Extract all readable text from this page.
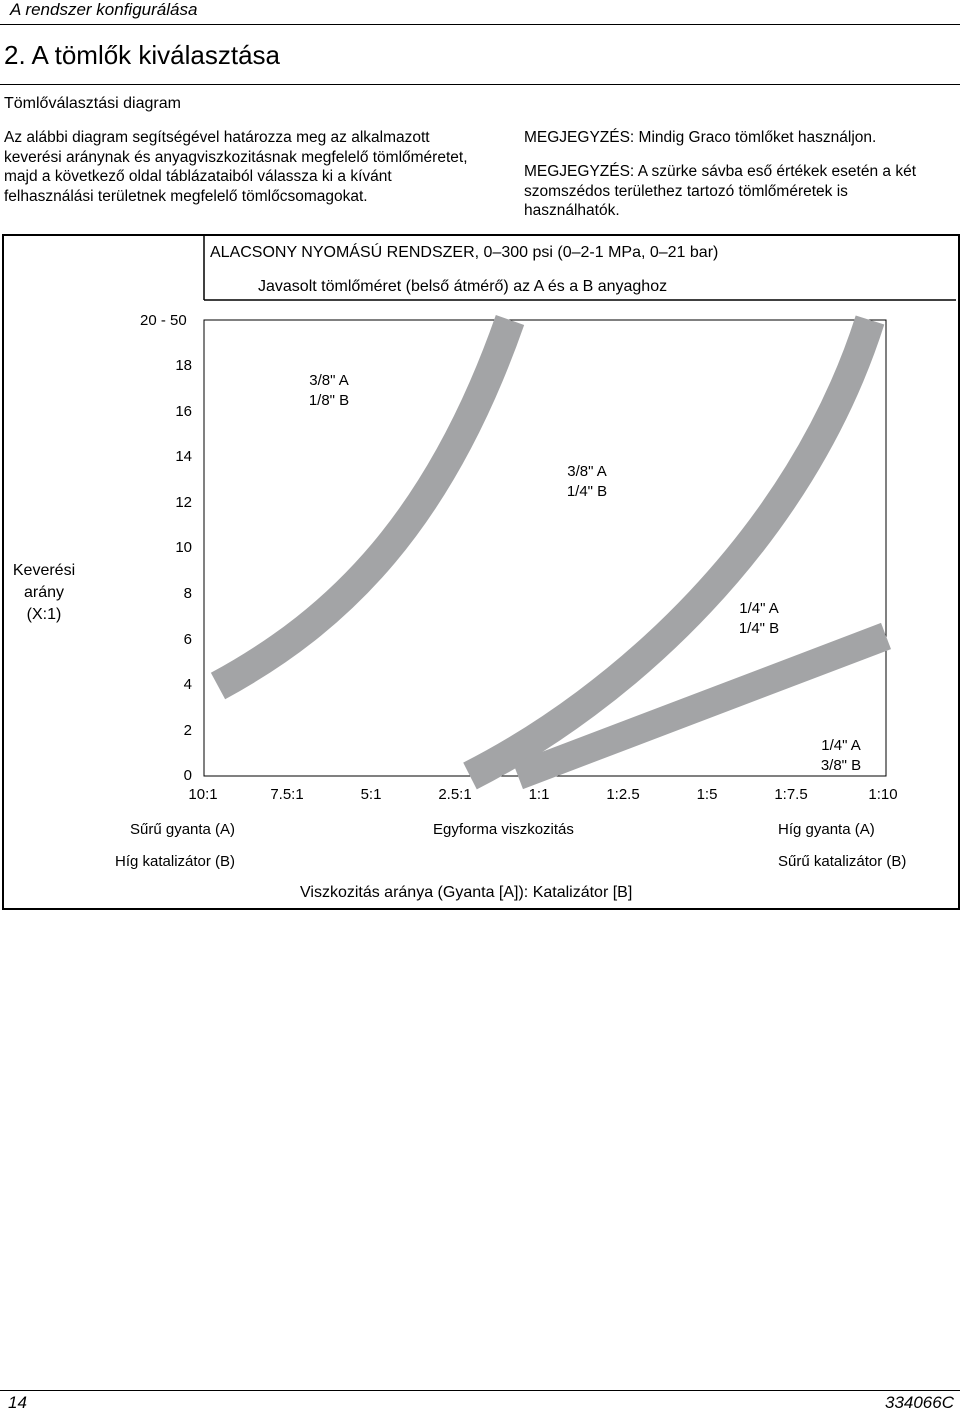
A rendszer konfigurálása
2. A tömlők kiválasztása
Tömlőválasztási diagram
Az alábbi diagram segítségével határozza meg az alkalmazott keverési aránynak és anyagviszkozitásnak megfelelő tömlőméretet, majd a következő oldal táblázataiból válassza ki a kívánt felhasználási területnek megfelelő tömlőcsomagokat.
MEGJEGYZÉS: Mindig Graco tömlőket használjon.
MEGJEGYZÉS: A szürke sávba eső értékek esetén a két szomszédos területhez tartozó tömlőméretek is használhatók.
ALACSONY NYOMÁSÚ RENDSZER, 0–300 psi (0–2-1 MPa, 0–21 bar)
Javasolt tömlőméret (belső átmérő) az A és a B anyaghoz
20 - 50
18
16
14
12
10
8
6
4
2
0
Keverési arány (X:1)
10:1	7.5:1	5:1	2.5:1	1:1	1:2.5	1:5	1:7.5	1:10
Sűrű gyanta (A)
Híg katalizátor (B)
Egyforma viszkozitás	Híg gyanta (A)
Sűrű katalizátor (B)
Viszkozitás aránya (Gyanta [A]): Katalizátor [B]
3/8" A
1/8" B
3/8" A
1/4" B
1/4" A
1/4" B
1/4" A
3/8" B
14	334066C
